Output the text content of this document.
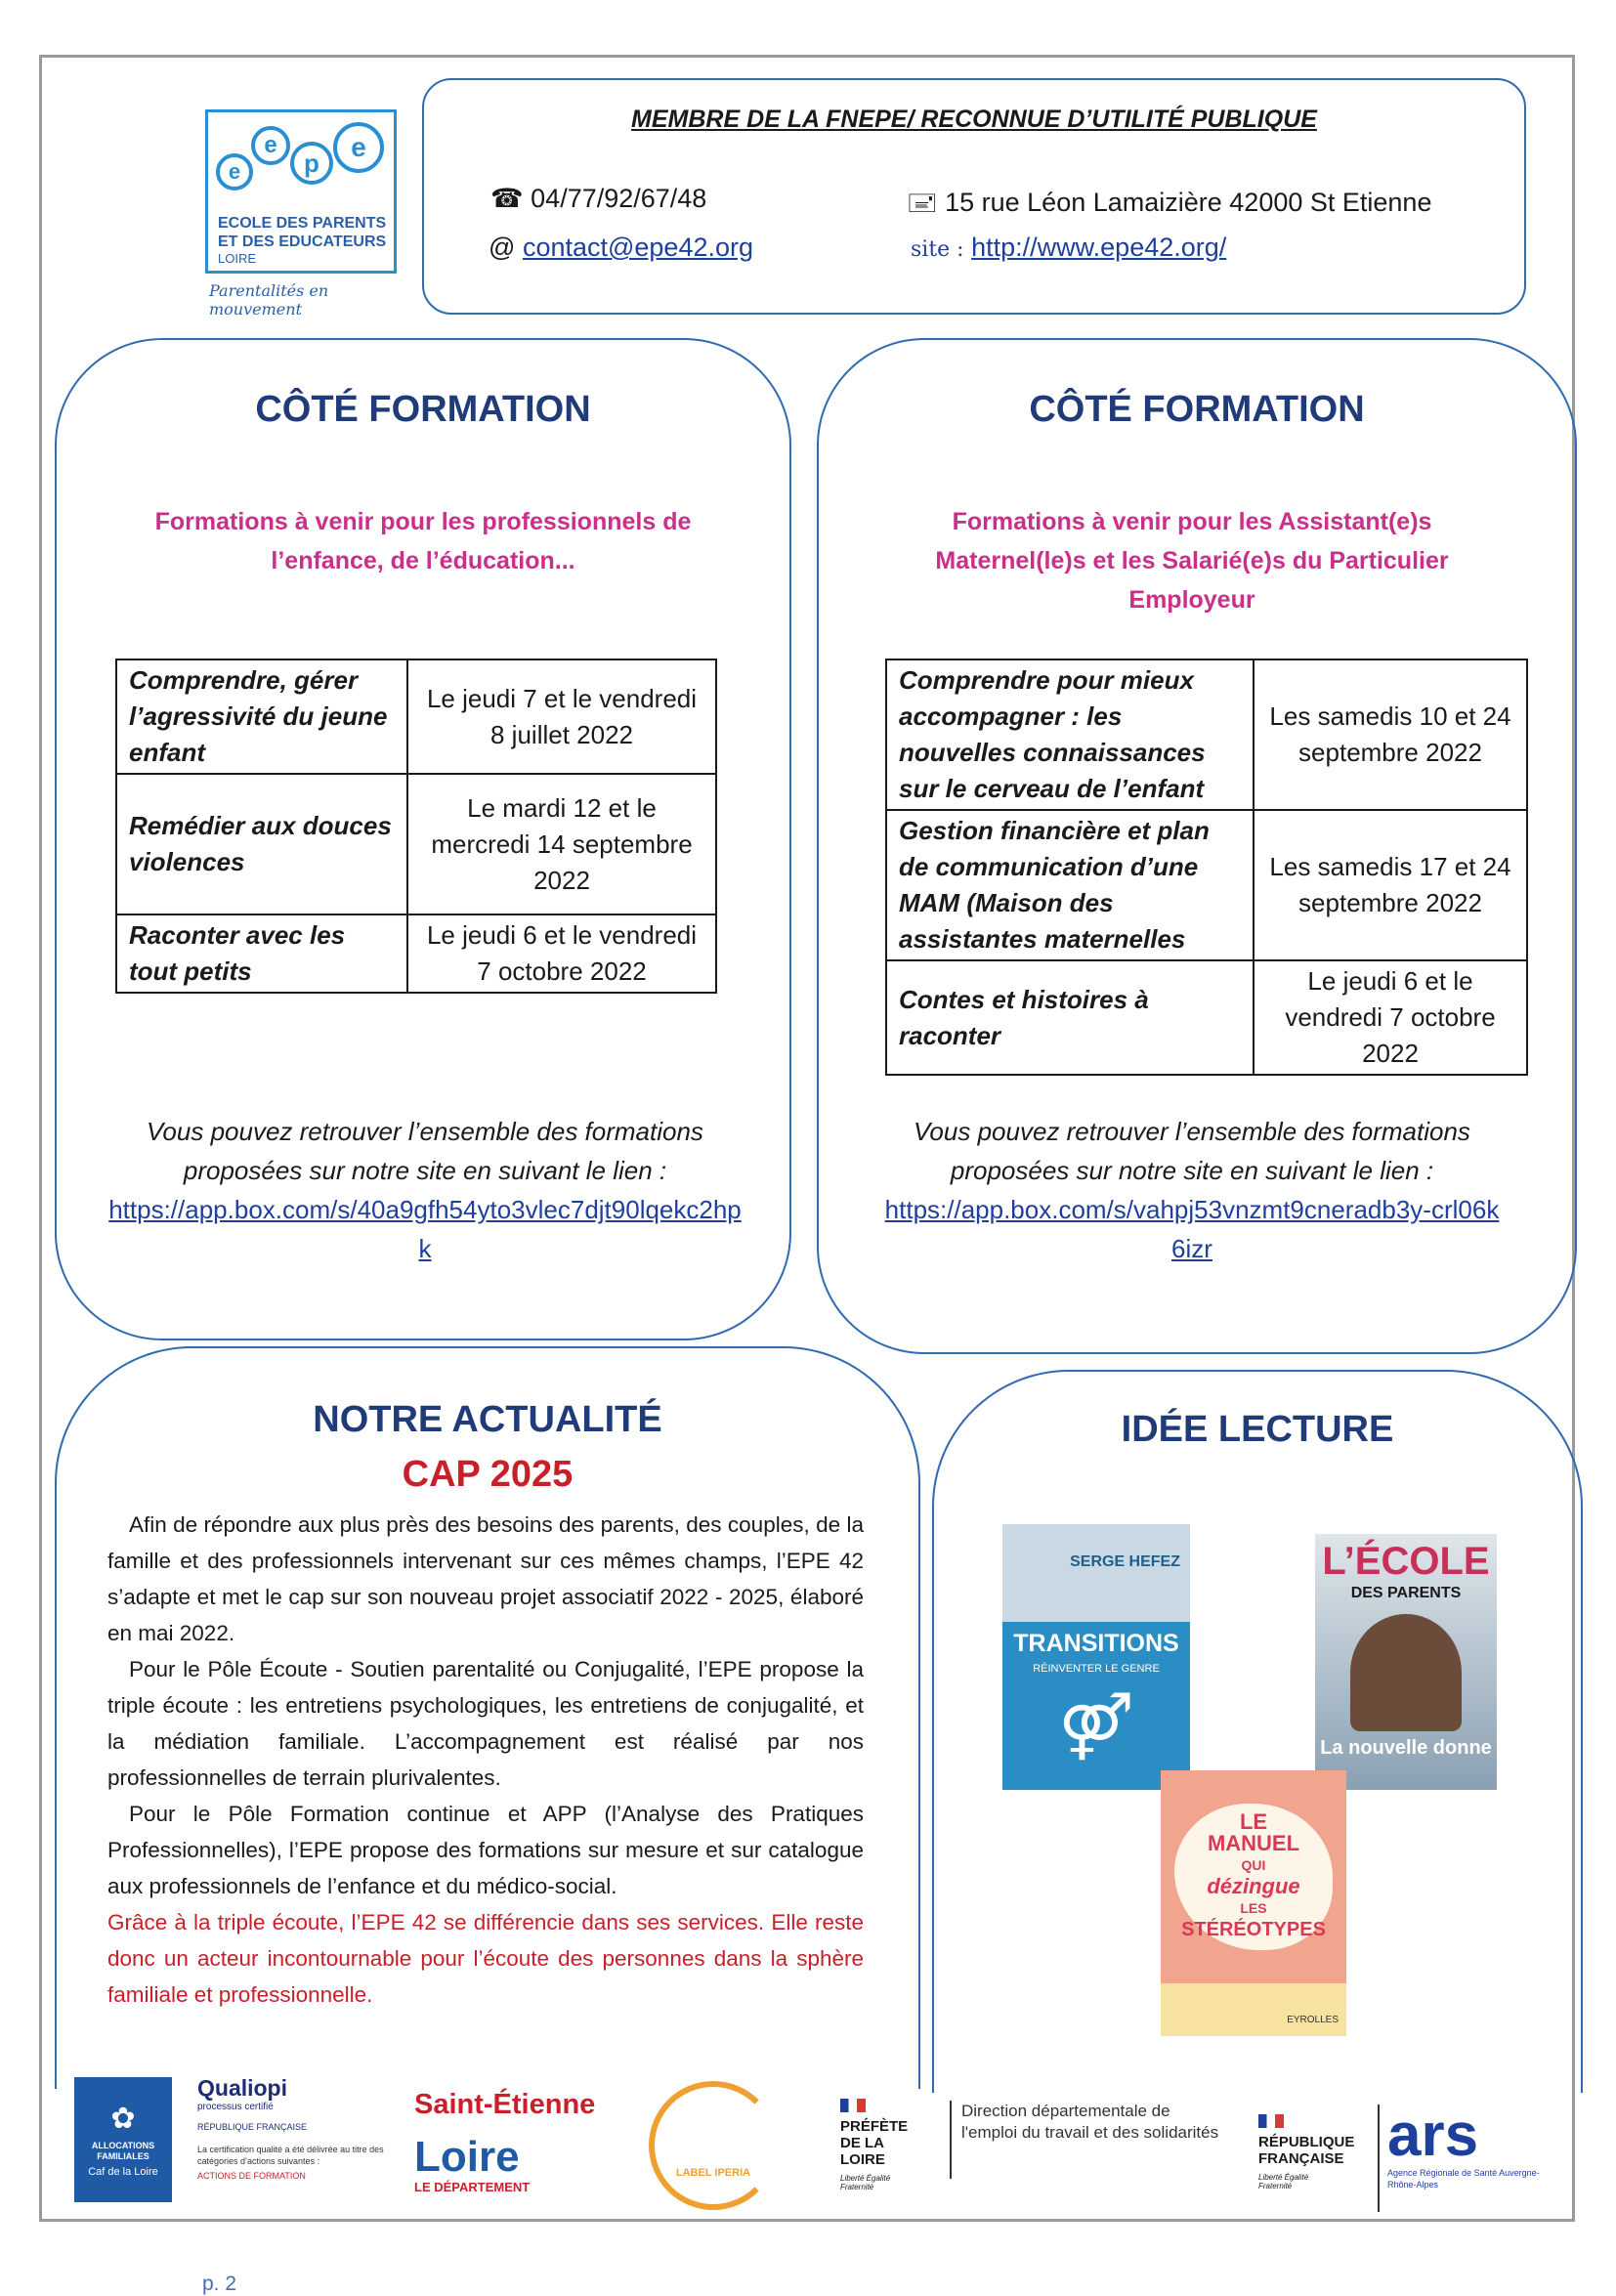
e
e
p
e
ECOLE DES PARENTS
ET DES EDUCATEURS
LOIRE
Parentalités en mouvement
MEMBRE DE LA FNEPE/ RECONNUE D’UTILITÉ PUBLIQUE
☎ 04/77/92/67/48	🖃 15 rue Léon Lamaizière 42000 St Etienne
@ contact@epe42.org	site : http://www.epe42.org/
CÔTÉ FORMATION
Formations à venir pour les professionnels de l’enfance, de l’éducation...
Comprendre, gérer l’agressivité du jeune enfant	Le jeudi 7 et le vendredi 8 juillet 2022
Remédier aux douces violences	Le mardi 12 et le mercredi 14 septembre 2022
Raconter avec les tout petits	Le jeudi 6 et le vendredi 7 octobre 2022
Vous pouvez retrouver l’ensemble des formations proposées sur notre site en suivant le lien :
https://app.box.com/s/40a9gfh54yto3vlec7djt90lqekc2hpk
CÔTÉ FORMATION
Formations à venir pour les Assistant(e)s Maternel(le)s et les Salarié(e)s du Particulier Employeur
Comprendre pour mieux accompagner : les nouvelles connaissances sur le cerveau de l’enfant	Les samedis 10 et 24 septembre 2022
Gestion financière et plan de communication d’une MAM (Maison des assistantes maternelles	Les samedis 17 et 24 septembre 2022
Contes et histoires à raconter	Le jeudi 6 et le vendredi 7 octobre 2022
Vous pouvez retrouver l’ensemble des formations proposées sur notre site en suivant le lien :
https://app.box.com/s/vahpj53vnzmt9cneradb3y-crl06k6izr
NOTRE ACTUALITÉ
CAP 2025
Afin de répondre aux plus près des besoins des parents, des couples, de la famille et des professionnels intervenant sur ces mêmes champs, l’EPE 42 s’adapte et met le cap sur son nouveau projet associatif 2022 - 2025, élaboré en mai 2022.
Pour le Pôle Écoute - Soutien parentalité ou Conjugalité, l’EPE propose la triple écoute : les entretiens psychologiques, les entretiens de conjugalité, et la médiation familiale. L’accompagnement est réalisé par nos professionnelles de terrain plurivalentes.
Pour le Pôle Formation continue et APP (l’Analyse des Pratiques Professionnelles), l’EPE propose des formations sur mesure et sur catalogue aux professionnels de l’enfance et du médico-social.
Grâce à la triple écoute, l’EPE 42 se différencie dans ses services. Elle reste donc un acteur incontournable pour l’écoute des personnes dans la sphère familiale et professionnelle.
IDÉE LECTURE
SERGE HEFEZ
TRANSITIONS
RÉINVENTER LE GENRE
⚤
L’ÉCOLE
DES PARENTS
La nouvelle donne
LE
MANUEL
QUI
dézingue
LES
STÉRÉOTYPES
EYROLLES
✿
ALLOCATIONS FAMILIALES
Caf de la Loire
Qualiopi
processus certifié
RÉPUBLIQUE FRANÇAISE
La certification qualité a été délivrée au titre des catégories d’actions suivantes :
ACTIONS DE FORMATION
Saint-Étienne
Loire
LE DÉPARTEMENT
LABEL IPERIA
PRÉFÈTE
DE LA LOIRE
Liberté Égalité Fraternité
Direction départementale de l'emploi du travail et des solidarités
RÉPUBLIQUE
FRANÇAISE
Liberté Égalité Fraternité
ars
Agence Régionale de Santé Auvergne-Rhône-Alpes
p. 2
